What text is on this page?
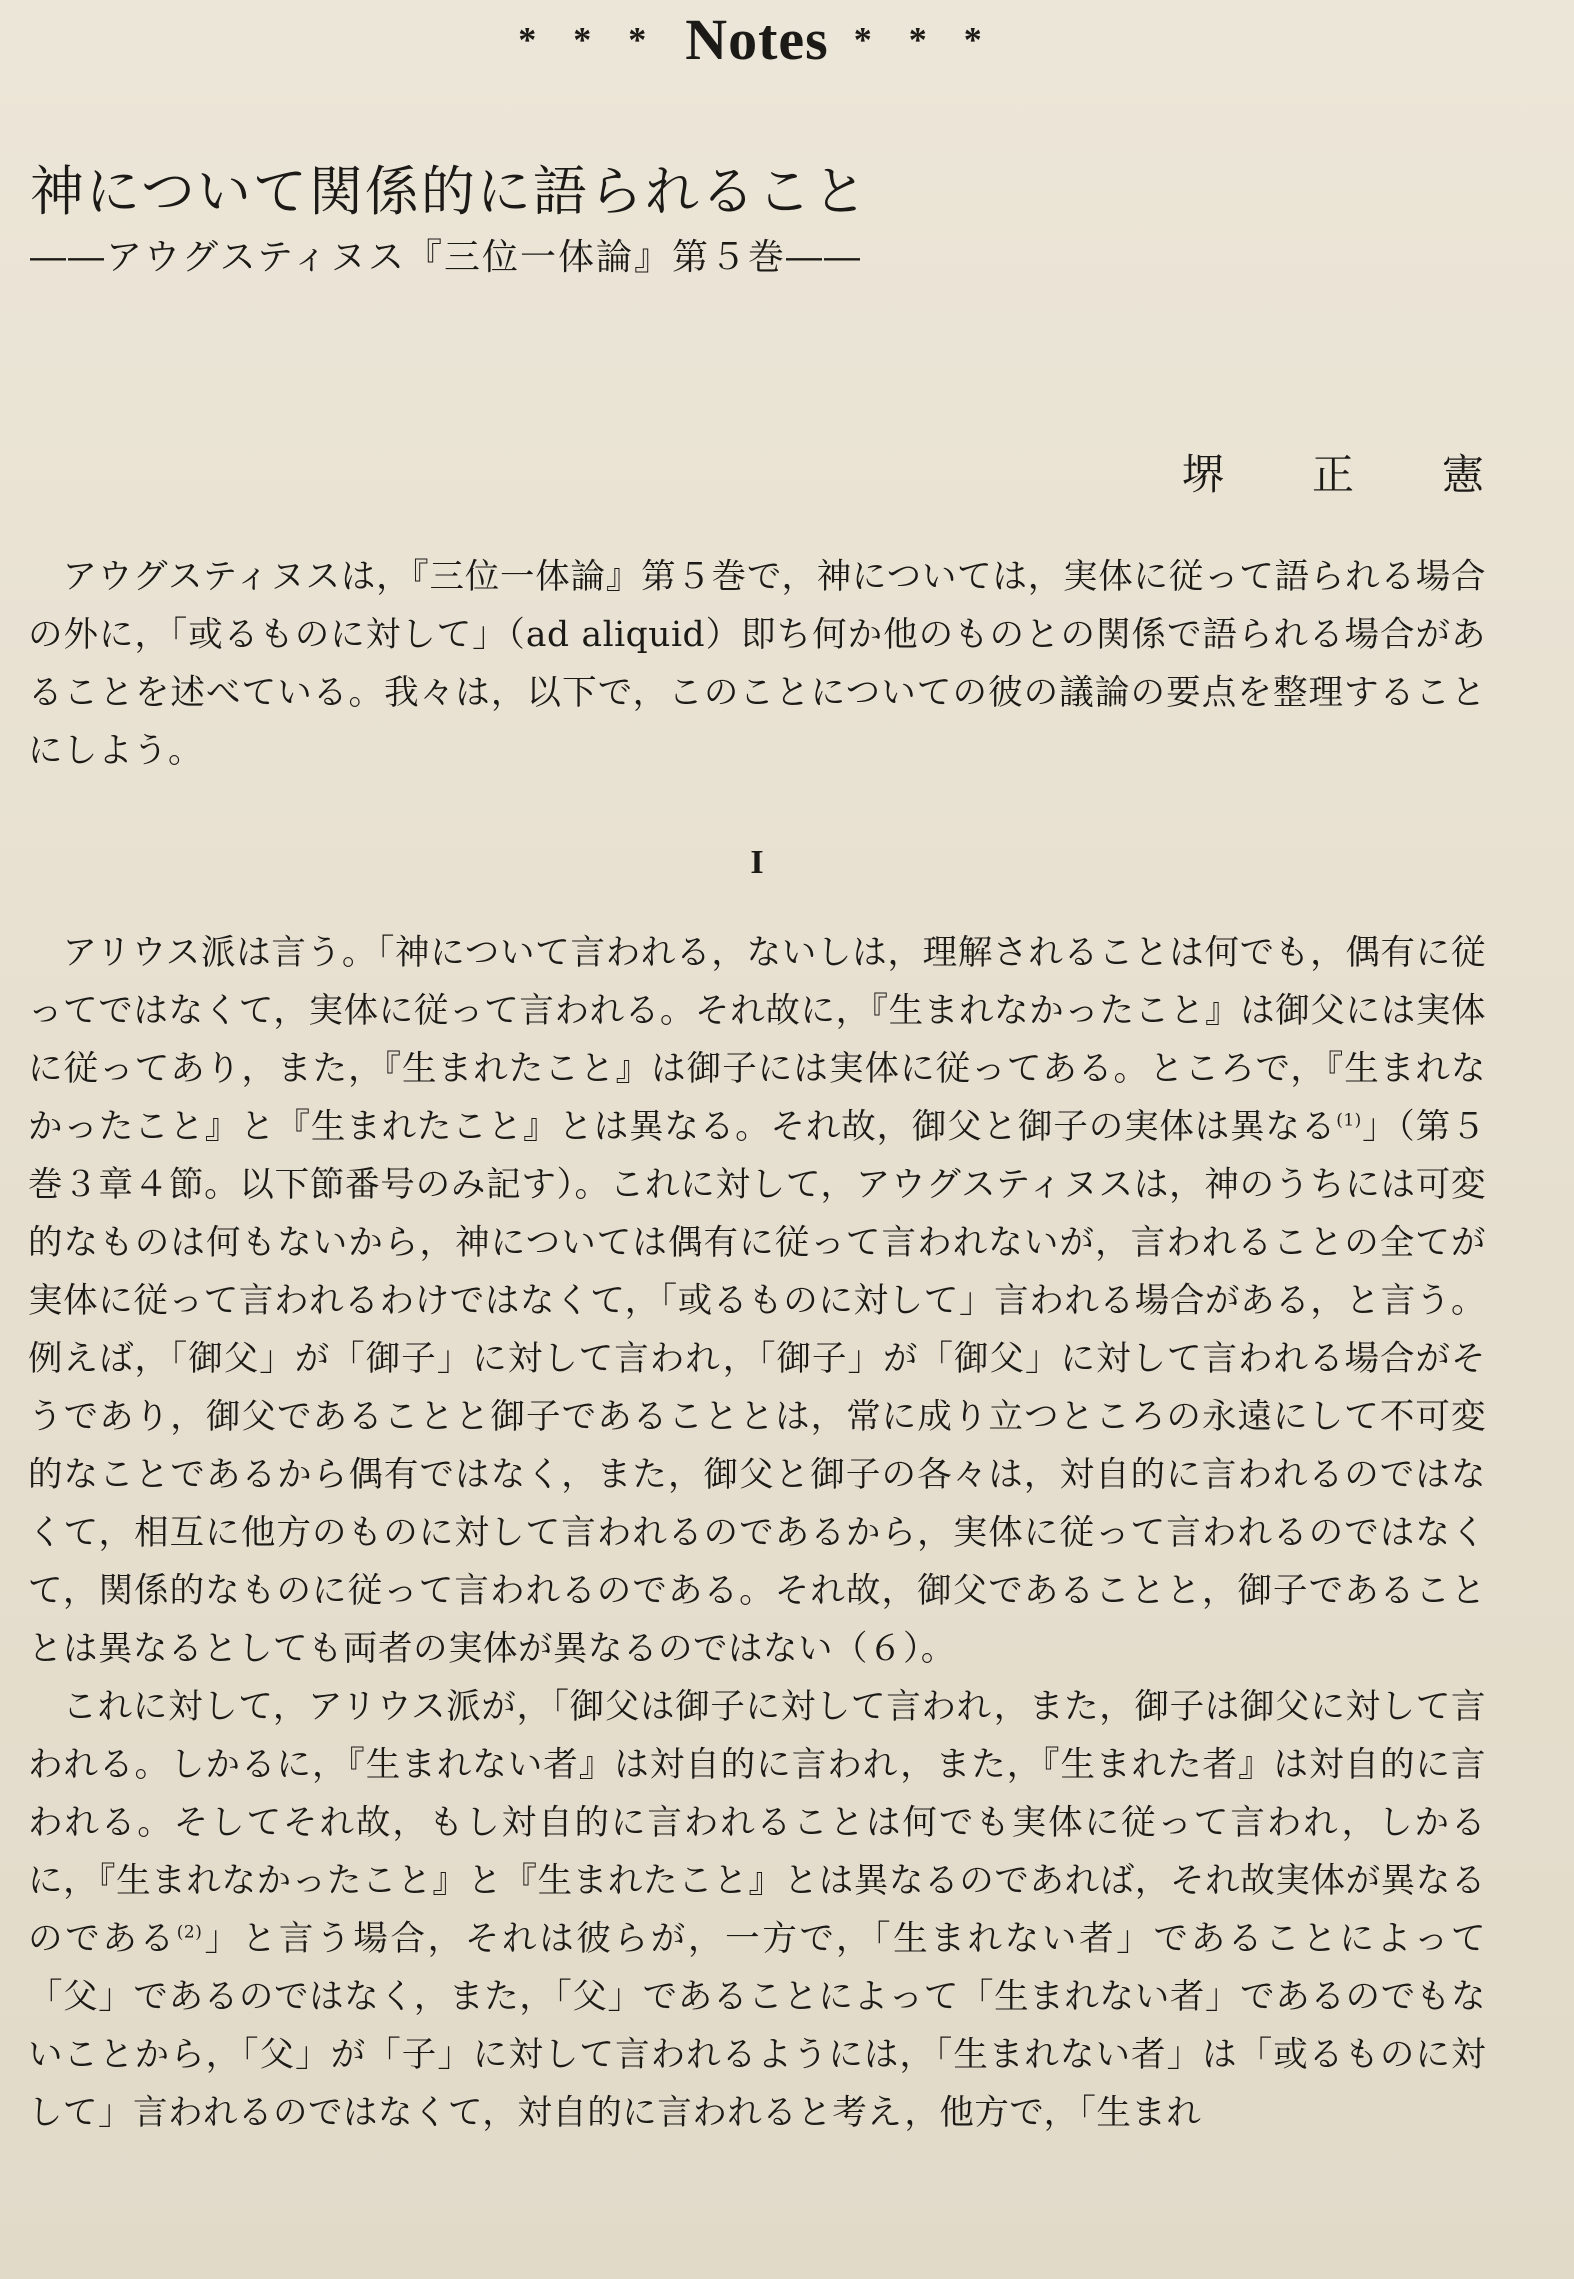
* * * Notes * * *
神について関係的に語られること
――アウグスティヌス『三位一体論』第５巻――
堺正憲

アウグスティヌスは，『三位一体論』第５巻で，神については，実体に従って語られる場合の外に，「或るものに対して」（ad aliquid）即ち何か他のものとの関係で語られる場合があることを述べている。我々は，以下で，このことについての彼の議論の要点を整理することにしよう。

I

アリウス派は言う。「神について言われる，ないしは，理解されることは何でも，偶有に従ってではなくて，実体に従って言われる。それ故に，『生まれなかったこと』は御父には実体に従ってあり，また，『生まれたこと』は御子には実体に従ってある。ところで，『生まれなかったこと』と『生まれたこと』とは異なる。それ故，御父と御子の実体は異なる$^{(1)}$」（第５巻３章４節。以下節番号のみ記す）。これに対して，アウグスティヌスは，神のうちには可変的なものは何もないから，神については偶有に従って言われないが，言われることの全てが実体に従って言われるわけではなくて，「或るものに対して」言われる場合がある，と言う。例えば，「御父」が「御子」に対して言われ，「御子」が「御父」に対して言われる場合がそうであり，御父であることと御子であることとは，常に成り立つところの永遠にして不可変的なことであるから偶有ではなく，また，御父と御子の各々は，対自的に言われるのではなくて，相互に他方のものに対して言われるのであるから，実体に従って言われるのではなくて，関係的なものに従って言われるのである。それ故，御父であることと，御子であることとは異なるとしても両者の実体が異なるのではない（６）。

これに対して，アリウス派が，「御父は御子に対して言われ，また，御子は御父に対して言われる。しかるに，『生まれない者』は対自的に言われ，また，『生まれた者』は対自的に言われる。そしてそれ故，もし対自的に言われることは何でも実体に従って言われ，しかるに，『生まれなかったこと』と『生まれたこと』とは異なるのであれば，それ故実体が異なるのである$^{(2)}$」と言う場合，それは彼らが，一方で，「生まれない者」であることによって「父」であるのではなく，また，「父」であることによって「生まれない者」であるのでもないことから，「父」が「子」に対して言われるようには，「生まれない者」は「或るものに対して」言われるのではなくて，対自的に言われると考え，他方で，「生まれ
